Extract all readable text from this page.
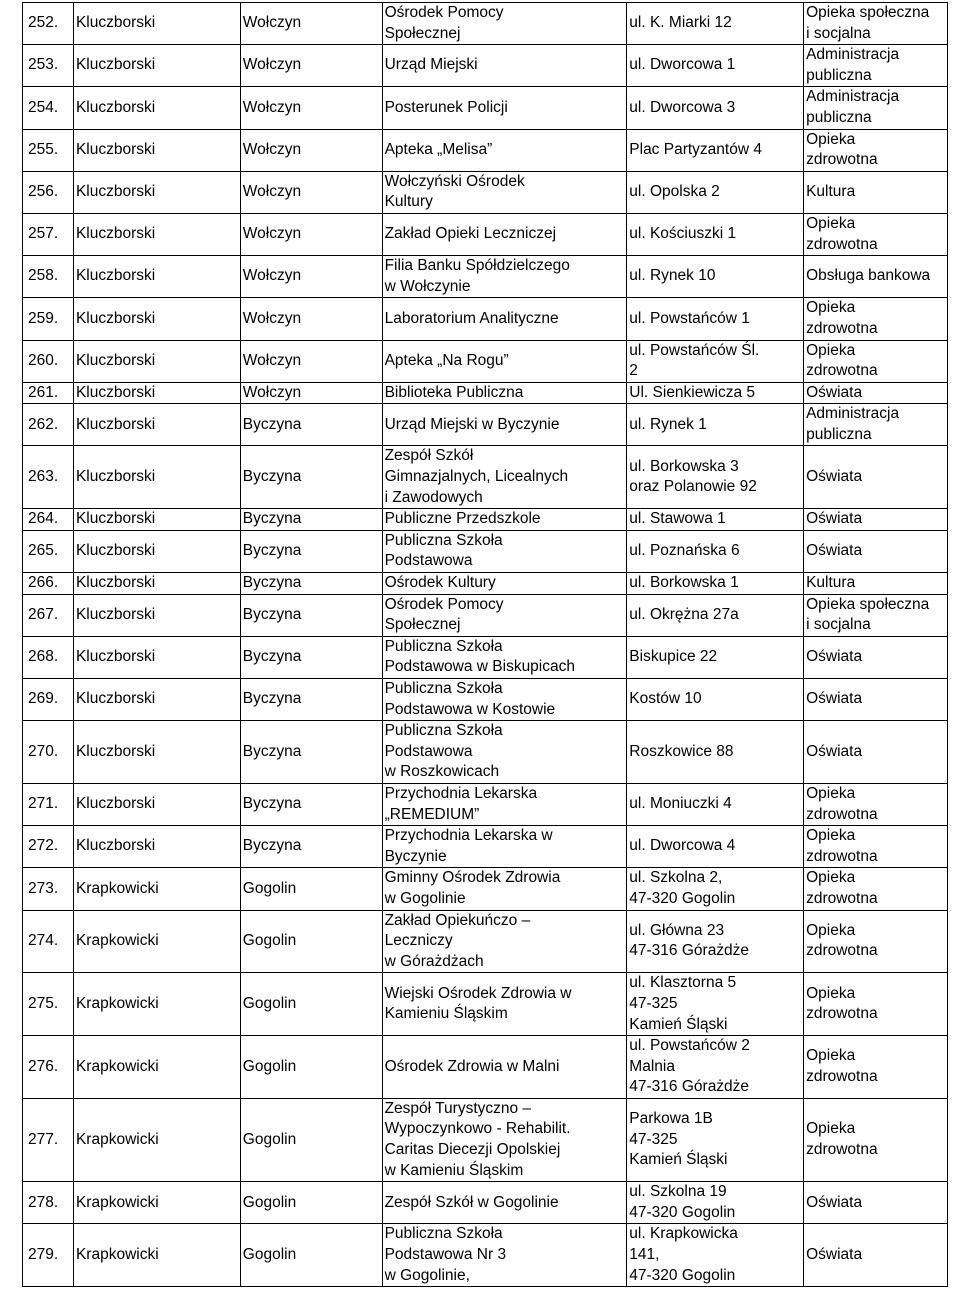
252.	Kluczborski	Wołczyn	Ośrodek Pomocy
Społecznej	ul. K. Miarki 12	Opieka społeczna
i socjalna
253.	Kluczborski	Wołczyn	Urząd Miejski	ul. Dworcowa 1	Administracja
publiczna
254.	Kluczborski	Wołczyn	Posterunek Policji	ul. Dworcowa 3	Administracja
publiczna
255.	Kluczborski	Wołczyn	Apteka „Melisa”	Plac Partyzantów 4	Opieka
zdrowotna
256.	Kluczborski	Wołczyn	Wołczyński Ośrodek
Kultury	ul. Opolska 2	Kultura
257.	Kluczborski	Wołczyn	Zakład Opieki Leczniczej	ul. Kościuszki 1	Opieka
zdrowotna
258.	Kluczborski	Wołczyn	Filia Banku Spółdzielczego
w Wołczynie	ul. Rynek 10	Obsługa bankowa
259.	Kluczborski	Wołczyn	Laboratorium Analityczne	ul. Powstańców 1	Opieka
zdrowotna
260.	Kluczborski	Wołczyn	Apteka „Na Rogu”	ul. Powstańców Śl.
2	Opieka
zdrowotna
261.	Kluczborski	Wołczyn	Biblioteka Publiczna	Ul. Sienkiewicza 5	Oświata
262.	Kluczborski	Byczyna	Urząd Miejski w Byczynie	ul. Rynek 1	Administracja
publiczna
263.	Kluczborski	Byczyna	Zespół Szkół
Gimnazjalnych, Licealnych
i Zawodowych	ul. Borkowska 3
oraz Polanowie 92	Oświata
264.	Kluczborski	Byczyna	Publiczne Przedszkole	ul. Stawowa 1	Oświata
265.	Kluczborski	Byczyna	Publiczna Szkoła
Podstawowa	ul. Poznańska 6	Oświata
266.	Kluczborski	Byczyna	Ośrodek Kultury	ul. Borkowska 1	Kultura
267.	Kluczborski	Byczyna	Ośrodek Pomocy
Społecznej	ul. Okrężna 27a	Opieka społeczna
i socjalna
268.	Kluczborski	Byczyna	Publiczna Szkoła
Podstawowa w Biskupicach	Biskupice 22	Oświata
269.	Kluczborski	Byczyna	Publiczna Szkoła
Podstawowa w Kostowie	Kostów 10	Oświata
270.	Kluczborski	Byczyna	Publiczna Szkoła
Podstawowa
w Roszkowicach	Roszkowice 88	Oświata
271.	Kluczborski	Byczyna	Przychodnia Lekarska
„REMEDIUM”	ul. Moniuczki 4	Opieka
zdrowotna
272.	Kluczborski	Byczyna	Przychodnia Lekarska w
Byczynie	ul. Dworcowa 4	Opieka
zdrowotna
273.	Krapkowicki	Gogolin	Gminny Ośrodek Zdrowia
w Gogolinie	ul. Szkolna 2,
47-320 Gogolin	Opieka
zdrowotna
274.	Krapkowicki	Gogolin	Zakład Opiekuńczo –
Leczniczy
w Górażdżach	ul. Główna 23
47-316 Górażdże	Opieka
zdrowotna
275.	Krapkowicki	Gogolin	Wiejski Ośrodek Zdrowia w
Kamieniu Śląskim	ul. Klasztorna 5
47-325
Kamień Śląski	Opieka
zdrowotna
276.	Krapkowicki	Gogolin	Ośrodek Zdrowia w Malni	ul. Powstańców 2
Malnia
47-316 Górażdże	Opieka
zdrowotna
277.	Krapkowicki	Gogolin	Zespół Turystyczno –
Wypoczynkowo - Rehabilit.
Caritas Diecezji Opolskiej
w Kamieniu Śląskim	Parkowa 1B
47-325
Kamień Śląski	Opieka
zdrowotna
278.	Krapkowicki	Gogolin	Zespół Szkół w Gogolinie	ul. Szkolna 19
47-320 Gogolin	Oświata
279.	Krapkowicki	Gogolin	Publiczna Szkoła
Podstawowa Nr 3
w Gogolinie,	ul. Krapkowicka
141,
47-320 Gogolin	Oświata
